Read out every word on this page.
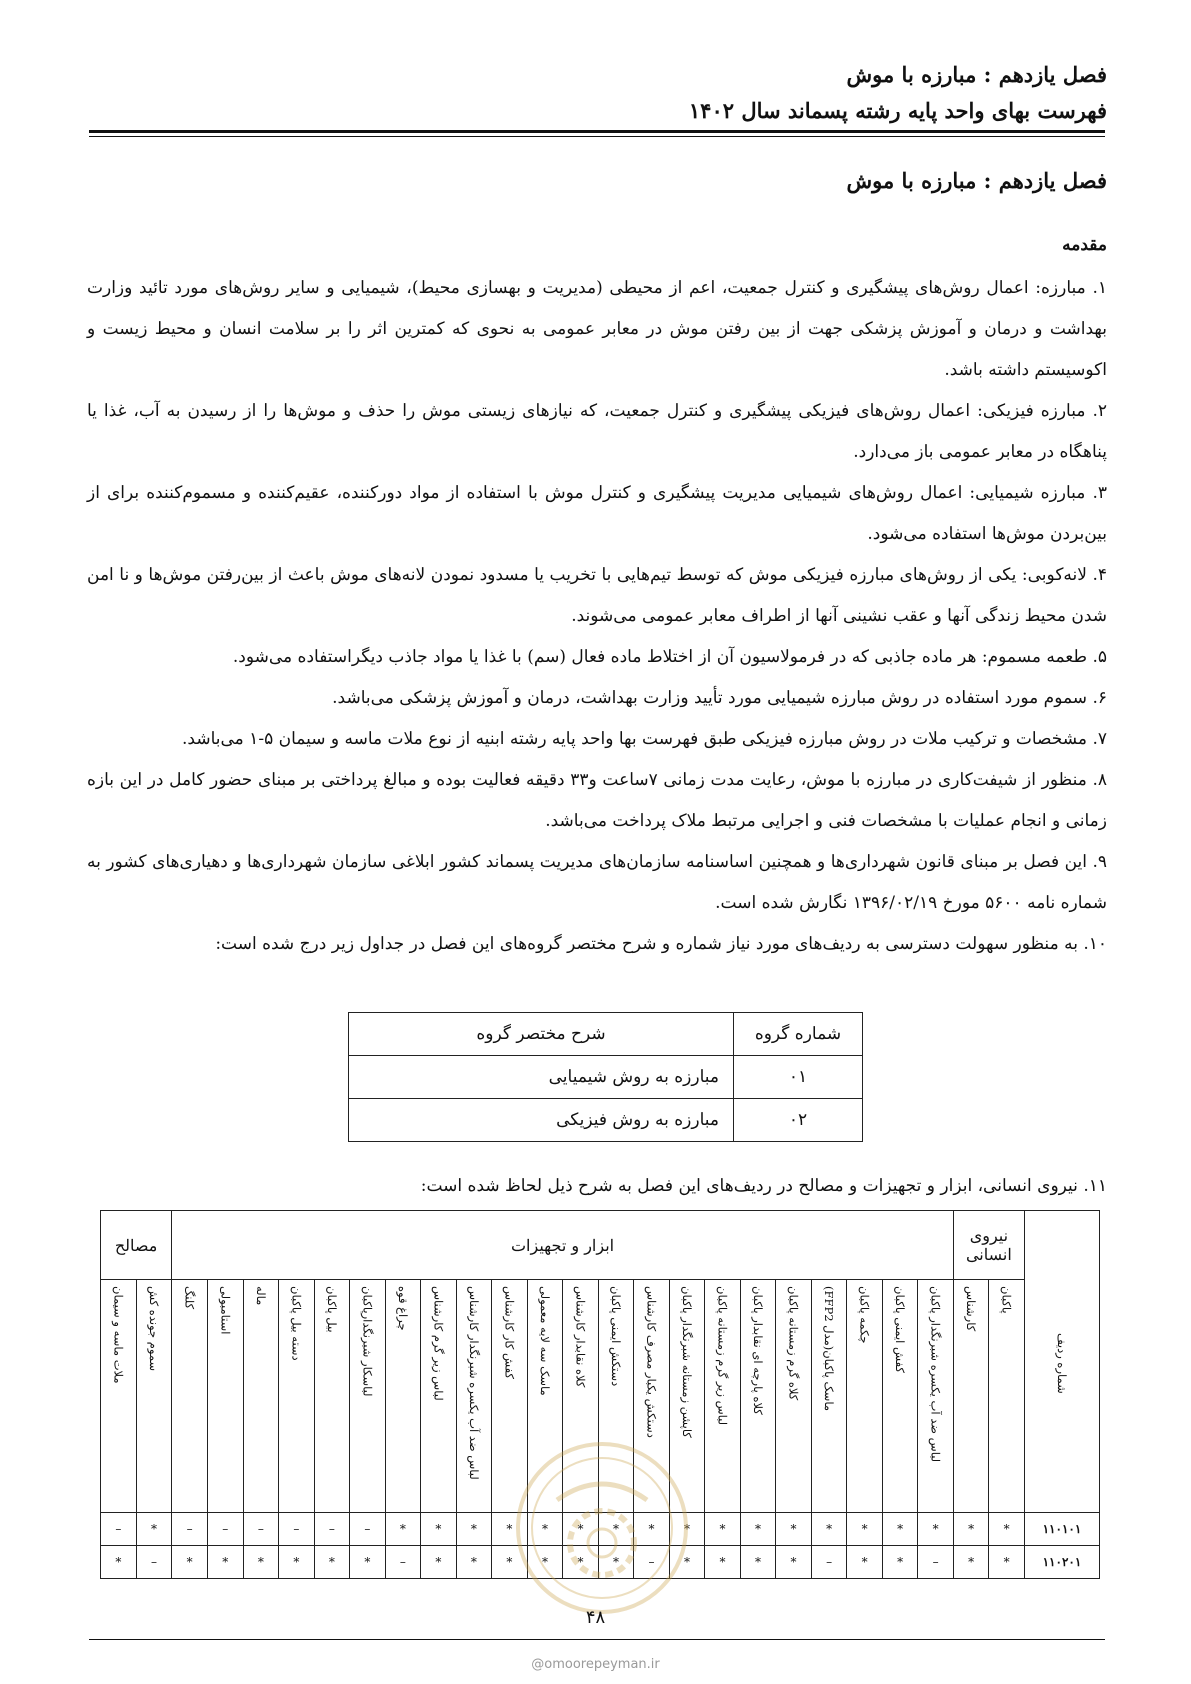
فصل یازدهم : مبارزه با موش
فهرست بهای واحد پایه رشته پسماند سال ۱۴۰۲
فصل یازدهم : مبارزه با موش
مقدمه

۱. مبارزه: اعمال روش‌های پیشگیری و کنترل جمعیت، اعم از محیطی (مدیریت و بهسازی محیط)، شیمیایی و سایر روش‌های مورد تائید وزارت بهداشت و درمان و آموزش پزشکی جهت از بین رفتن موش در معابر عمومی به نحوی که کمترین اثر را بر سلامت انسان و محیط زیست و اکوسیستم داشته باشد.

۲. مبارزه فیزیکی: اعمال روش‌های فیزیکی پیشگیری و کنترل جمعیت، که نیازهای زیستی موش را حذف و موش‌ها را از رسیدن به آب، غذا یا پناهگاه در معابر عمومی باز می‌دارد.

۳. مبارزه شیمیایی: اعمال روش‌های شیمیایی مدیریت پیشگیری و کنترل موش با استفاده از مواد دورکننده، عقیم‌کننده و مسموم‌کننده برای از بین‌بردن موش‌ها استفاده می‌شود.

۴. لانه‌کوبی: یکی از روش‌های مبارزه فیزیکی موش که توسط تیم‌هایی با تخریب یا مسدود نمودن لانه‌های موش باعث از بین‌رفتن موش‌ها و نا امن شدن محیط زندگی آنها و عقب نشینی آنها از اطراف معابر عمومی می‌شوند.

۵. طعمه مسموم: هر ماده جاذبی که در فرمولاسیون آن از اختلاط ماده فعال (سم) با غذا یا مواد جاذب دیگراستفاده می‌شود.

۶. سموم مورد استفاده در روش مبارزه شیمیایی مورد تأیید وزارت بهداشت، درمان و آموزش پزشکی می‌باشد.

۷. مشخصات و ترکیب ملات در روش مبارزه فیزیکی طبق فهرست بها واحد پایه رشته ابنیه از نوع ملات ماسه و سیمان ۵-۱ می‌باشد.

۸. منظور از شیفت‌کاری در مبارزه با موش، رعایت مدت زمانی ۷ساعت و۳۳ دقیقه فعالیت بوده و مبالغ پرداختی بر مبنای حضور کامل در این بازه زمانی و انجام عملیات با مشخصات فنی و اجرایی مرتبط ملاک پرداخت می‌باشد.

۹. این فصل بر مبنای قانون شهرداری‌ها و همچنین اساسنامه سازمان‌های مدیریت پسماند کشور ابلاغی سازمان شهرداری‌ها و دهیاری‌های کشور به شماره نامه ۵۶۰۰ مورخ ۱۳۹۶/۰۲/۱۹ نگارش شده است.

۱۰. به منظور سهولت دسترسی به ردیف‌های مورد نیاز شماره و شرح مختصر گروه‌های این فصل در جداول زیر درج شده است:

شماره گروه	شرح مختصر گروه
۰۱	مبارزه به روش شیمیایی
۰۲	مبارزه به روش فیزیکی
۱۱. نیروی انسانی، ابزار و تجهیزات و مصالح در ردیف‌های این فصل به شرح ذیل لحاظ شده است:
شماره ردیف	نیروی انسانی		ابزار و تجهیزات																						مصالح	
	پاکبان	کارشناس	لباس ضد آب یکسره شبرنگدار پاکبان	کفش ایمنی پاکبان	چکمه پاکبان	ماسک پاکبان(مدل FFP2)	کلاه گرم زمستانه پاکبان	کلاه پارچه ای نقابدار پاکبان	لباس زیر گرم زمستانه پاکبان	کاپشن زمستانه شبرنگدار پاکبان	دستکش یکبار مصرف کارشناس	دستکش ایمنی پاکبان	کلاه نقابدار کارشناس	ماسک سه لایه معمولی	کفش کار کارشناس	لباس ضد آب یکسره شبرنگدار کارشناس	لباس زیر گرم کارشناس	چراغ قوه	لباسکار شبرنگدارپاکبان	بیل پاکبان	دسته بیل پاکبان	ماله	استامبولی	کلنگ	سموم جونده کش	ملات ماسه و سیمان
۱۱۰۱۰۱	*	*	*	*	*	*	*	*	*	*	*	*	*	*	*	*	*	*	–	–	–	–	–	–	*	–
۱۱۰۲۰۱	*	*	–	*	*	–	*	*	*	*	–	*	*	*	*	*	*	–	*	*	*	*	*	*	–	*
۴۸
@omoorepeyman.ir
